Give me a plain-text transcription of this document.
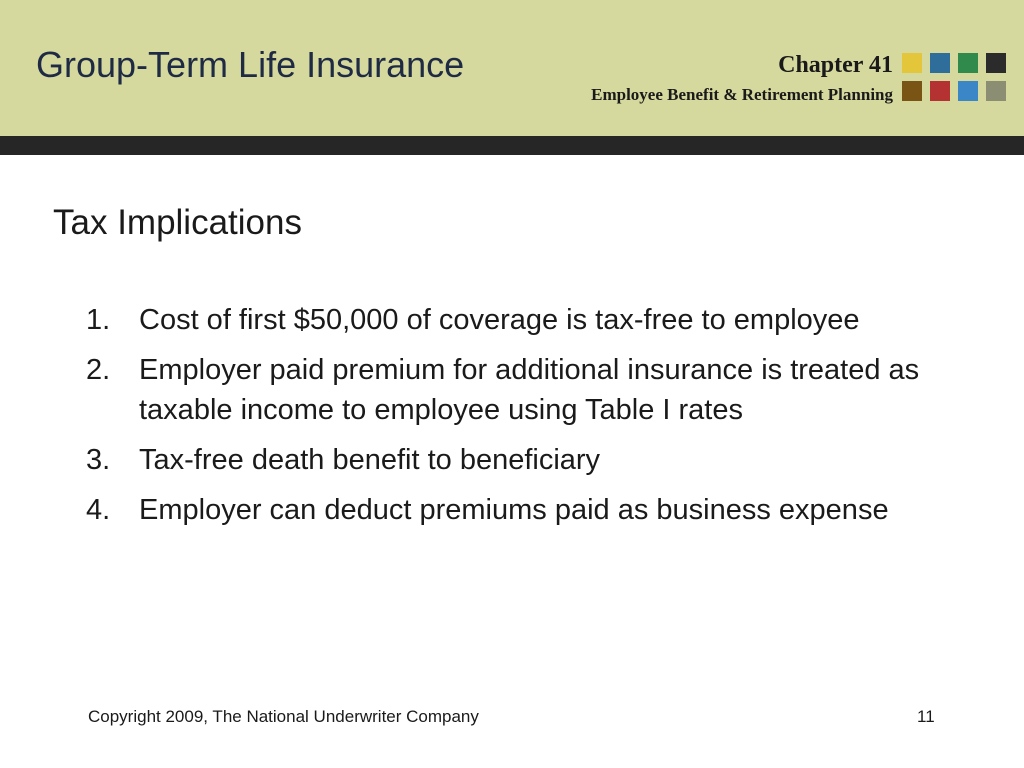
Group-Term Life Insurance	Chapter 41
Employee Benefit & Retirement Planning
Tax Implications
1. Cost of first $50,000 of coverage is tax-free to employee
2. Employer paid premium for additional insurance is treated as taxable income to employee using Table I rates
3. Tax-free death benefit to beneficiary
4. Employer can deduct premiums paid as business expense
Copyright 2009, The National Underwriter Company	11
